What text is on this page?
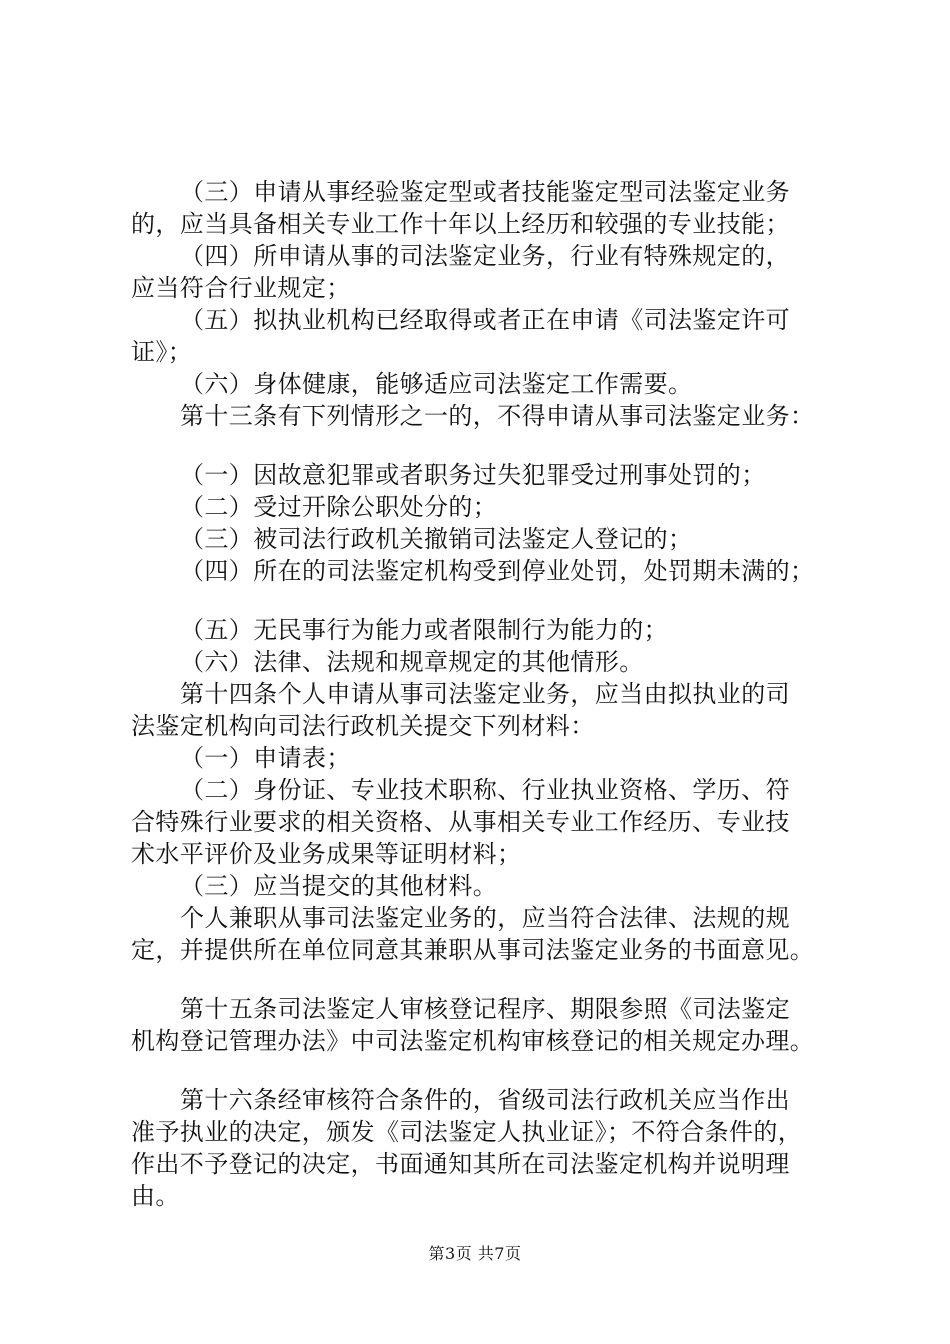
（三）申请从事经验鉴定型或者技能鉴定型司法鉴定业务
的，应当具备相关专业工作十年以上经历和较强的专业技能；
（四）所申请从事的司法鉴定业务，行业有特殊规定的，
应当符合行业规定；
（五）拟执业机构已经取得或者正在申请《司法鉴定许可
证》；
（六）身体健康，能够适应司法鉴定工作需要。
第十三条有下列情形之一的，不得申请从事司法鉴定业务：
（一）因故意犯罪或者职务过失犯罪受过刑事处罚的；
（二）受过开除公职处分的；
（三）被司法行政机关撤销司法鉴定人登记的；
（四）所在的司法鉴定机构受到停业处罚，处罚期未满的；
（五）无民事行为能力或者限制行为能力的；
（六）法律、法规和规章规定的其他情形。
第十四条个人申请从事司法鉴定业务，应当由拟执业的司
法鉴定机构向司法行政机关提交下列材料：
（一）申请表；
（二）身份证、专业技术职称、行业执业资格、学历、符
合特殊行业要求的相关资格、从事相关专业工作经历、专业技
术水平评价及业务成果等证明材料；
（三）应当提交的其他材料。
个人兼职从事司法鉴定业务的，应当符合法律、法规的规
定，并提供所在单位同意其兼职从事司法鉴定业务的书面意见。
第十五条司法鉴定人审核登记程序、期限参照《司法鉴定
机构登记管理办法》中司法鉴定机构审核登记的相关规定办理。
第十六条经审核符合条件的，省级司法行政机关应当作出
准予执业的决定，颁发《司法鉴定人执业证》；不符合条件的，
作出不予登记的决定，书面通知其所在司法鉴定机构并说明理
由。
第3页 共7页
